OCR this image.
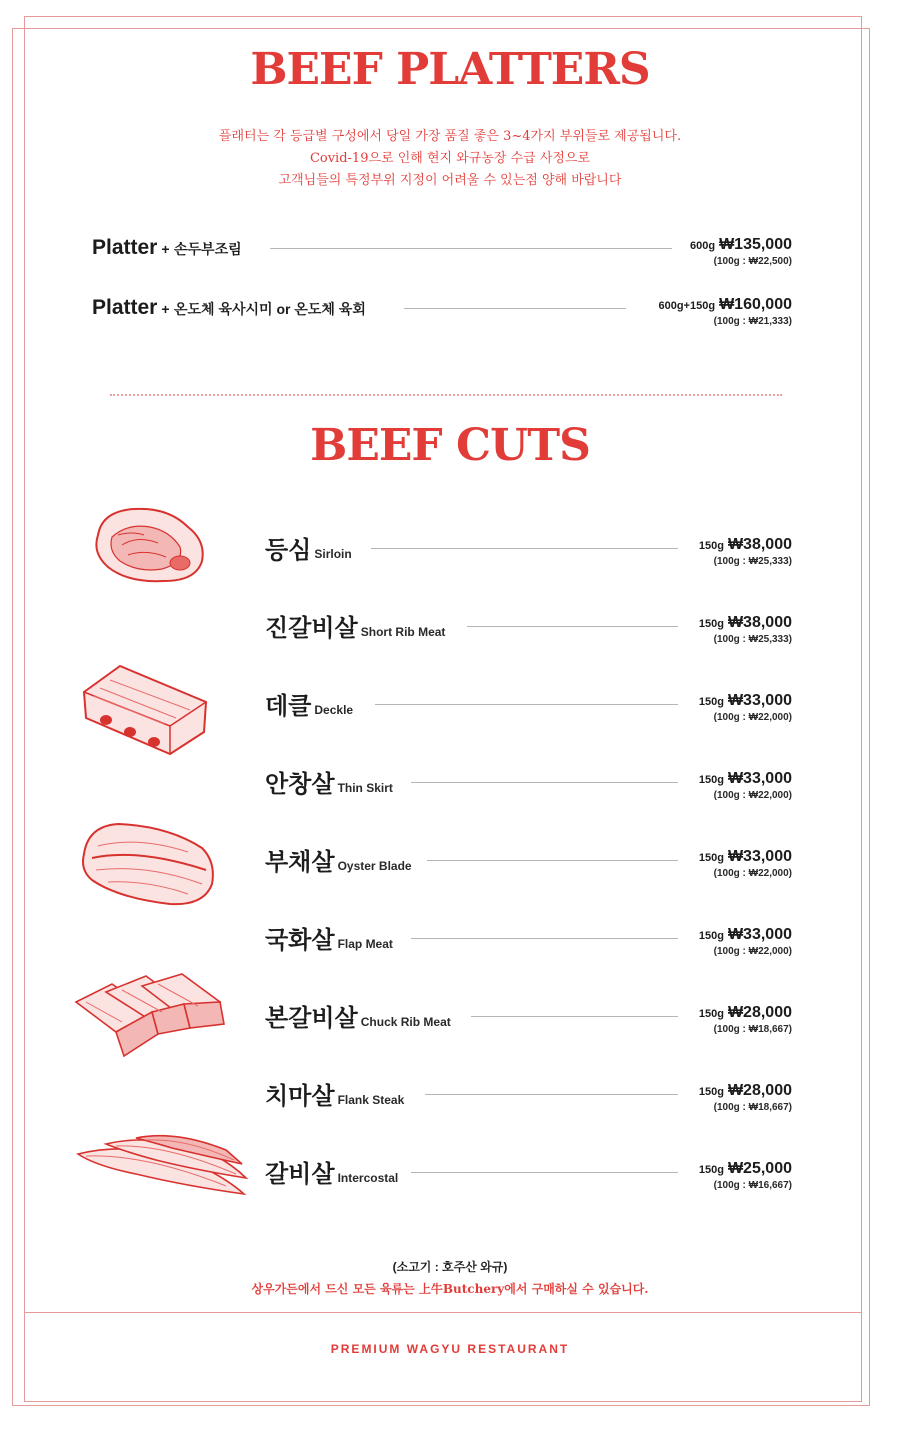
BEEF PLATTERS
플래터는 각 등급별 구성에서 당일 가장 품질 좋은 3~4가지 부위들로 제공됩니다.
Covid-19으로 인해 현지 와규농장 수급 사정으로
고객님들의 특정부위 지정이 어려울 수 있는점 양해 바랍니다
Platter + 손두부조림	600g ₩135,000
(100g : ₩22,500)
Platter + 온도체 육사시미 or 온도체 육회	600g+150g ₩160,000
(100g : ₩21,333)
BEEF CUTS
등심 Sirloin
150g ₩38,000
(100g : ₩25,333)
진갈비살 Short Rib Meat
150g ₩38,000
(100g : ₩25,333)
데클 Deckle
150g ₩33,000
(100g : ₩22,000)
안창살 Thin Skirt
150g ₩33,000
(100g : ₩22,000)
부채살 Oyster Blade
150g ₩33,000
(100g : ₩22,000)
국화살 Flap Meat
150g ₩33,000
(100g : ₩22,000)
본갈비살 Chuck Rib Meat
150g ₩28,000
(100g : ₩18,667)
치마살 Flank Steak
150g ₩28,000
(100g : ₩18,667)
갈비살 Intercostal
150g ₩25,000
(100g : ₩16,667)
(소고기 : 호주산 와규)
상우가든에서 드신 모든 육류는 上牛Butchery에서 구매하실 수 있습니다.
PREMIUM WAGYU RESTAURANT
